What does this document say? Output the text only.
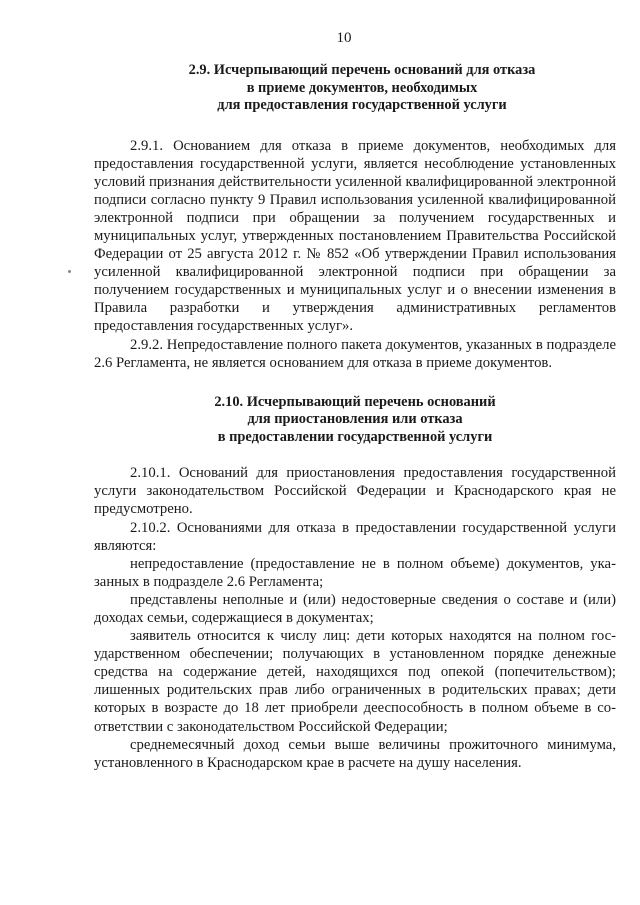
10
2.9. Исчерпывающий перечень оснований для отказа
в приеме документов, необходимых
для предоставления государственной услуги

2.9.1. Основанием для отказа в приеме документов, необходимых для предоставления государственной услуги, является несоблюдение установленных условий признания действительности усиленной квалифицированной электронной подписи согласно пункту 9 Правил использования усиленной квалифицированной электронной подписи при обращении за получением государственных и муниципальных услуг, утвержденных постановлением Правительства Российской Федерации от 25 августа 2012 г. № 852 «Об утверждении Правил использования усиленной квалифицированной электронной подписи при обращении за получением государственных и муниципальных услуг и о внесении изменения в Правила разработки и утверждения административных регламентов предоставления государственных услуг».

2.9.2. Непредоставление полного пакета документов, указанных в подразделе 2.6 Регламента, не является основанием для отказа в приеме документов.

2.10. Исчерпывающий перечень оснований
для приостановления или отказа
в предоставлении государственной услуги

2.10.1. Оснований для приостановления предоставления государственной услуги законодательством Российской Федерации и Краснодарского края не предусмотрено.

2.10.2. Основаниями для отказа в предоставлении государственной услуги являются:

непредоставление (предоставление не в полном объеме) документов, указанных в подразделе 2.6 Регламента;

представлены неполные и (или) недостоверные сведения о составе и (или) доходах семьи, содержащиеся в документах;

заявитель относится к числу лиц: дети которых находятся на полном государственном обеспечении; получающих в установленном порядке денежные средства на содержание детей, находящихся под опекой (попечительством); лишенных родительских прав либо ограниченных в родительских правах; дети которых в возрасте до 18 лет приобрели дееспособность в полном объеме в соответствии с законодательством Российской Федерации;

среднемесячный доход семьи выше величины прожиточного минимума, установленного в Краснодарском крае в расчете на душу населения.
